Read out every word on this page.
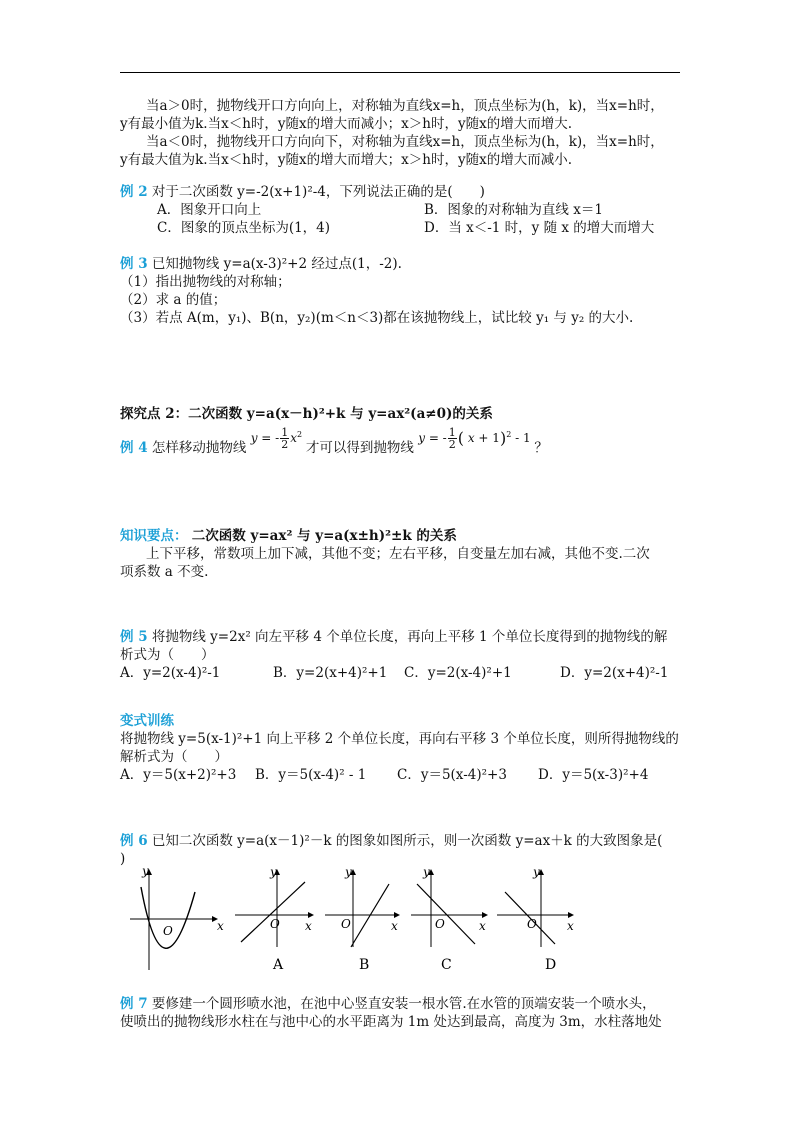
当a＞0时，抛物线开口方向向上，对称轴为直线x=h，顶点坐标为(h，k)，当x=h时，
y有最小值为k.当x＜h时，y随x的增大而减小；x＞h时，y随x的增大而增大.
当a＜0时，抛物线开口方向向下，对称轴为直线x=h，顶点坐标为(h，k)，当x=h时，
y有最大值为k.当x＜h时，y随x的增大而增大；x＞h时，y随x的增大而减小.
例 2 对于二次函数 y=-2(x+1)²-4，下列说法正确的是(　　)
A．图象开口向上	B．图象的对称轴为直线 x＝1
C．图象的顶点坐标为(1，4)	D．当 x＜-1 时，y 随 x 的增大而增大
例 3 已知抛物线 y=a(x-3)²+2 经过点(1，-2).
（1）指出抛物线的对称轴；
（2）求 a 的值；
（3）若点 A(m，y₁)、B(n，y₂)(m＜n＜3)都在该抛物线上，试比较 y₁ 与 y₂ 的大小.
探究点 2：二次函数 y=a(x－h)²+k 与 y=ax²(a≠0)的关系
例 4 怎样移动抛物线 y = - $\frac{1}{2} x^2$ 才可以得到抛物线 y = - $\frac{1}{2}$ ( x + 1)$^2$ - 1 ？
知识要点： 二次函数 y=ax² 与 y=a(x±h)²±k 的关系
上下平移，常数项上加下减，其他不变；左右平移，自变量左加右减，其他不变.二次
项系数 a 不变.
例 5 将抛物线 y=2x² 向左平移 4 个单位长度，再向上平移 1 个单位长度得到的抛物线的解
析式为（　　）
A．y=2(x-4)²-1	B．y=2(x+4)²+1 C．y=2(x-4)²+1	D．y=2(x+4)²-1
变式训练
将抛物线 y=5(x-1)²+1 向上平移 2 个单位长度，再向右平移 3 个单位长度，则所得抛物线的
解析式为（　　）
A．y＝5(x+2)²+3 B．y＝5(x-4)² - 1 C．y＝5(x-4)²+3 D．y＝5(x-3)²+4
例 6 已知二次函数 y=a(x－1)²－k 的图象如图所示，则一次函数 y=ax＋k 的大致图象是(
)
y
x
O
y
x
O
A
y
x
O
B
y
x
O
C
y
x
O
D
例 7 要修建一个圆形喷水池，在池中心竖直安装一根水管.在水管的顶端安装一个喷水头，
使喷出的抛物线形水柱在与池中心的水平距离为 1m 处达到最高，高度为 3m，水柱落地处
